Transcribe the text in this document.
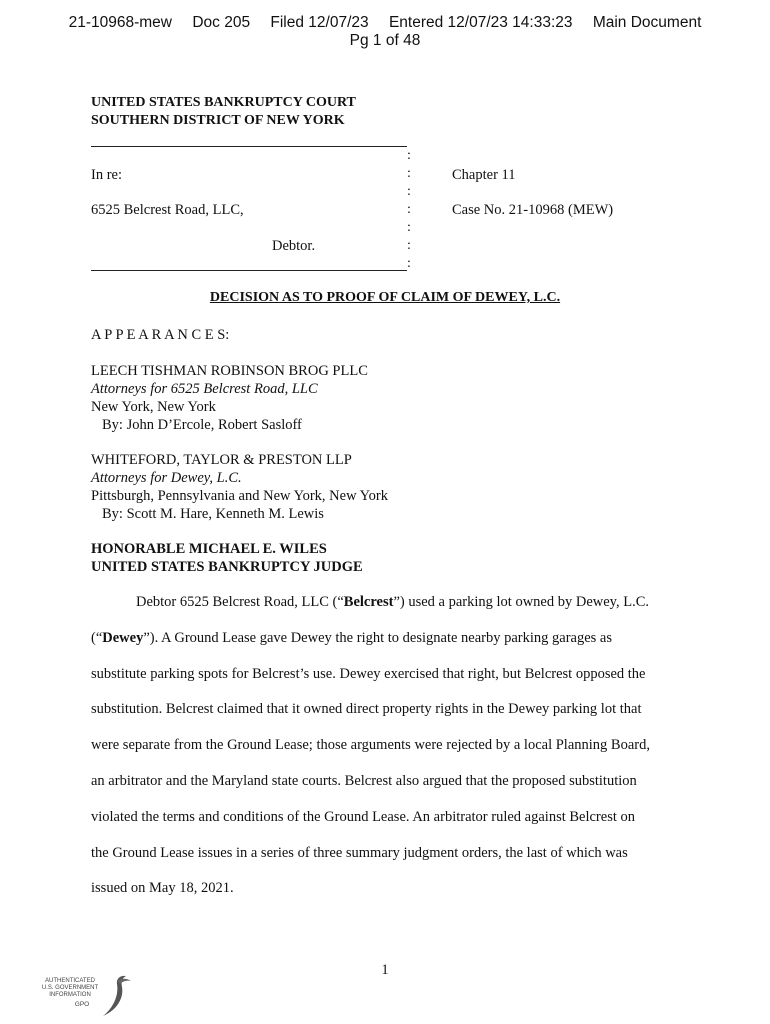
21-10968-mew Doc 205 Filed 12/07/23 Entered 12/07/23 14:33:23 Main Document
Pg 1 of 48
UNITED STATES BANKRUPTCY COURT
SOUTHERN DISTRICT OF NEW YORK
:
:
:
:
:
:
:
In re:
6525 Belcrest Road, LLC,
Debtor.
Chapter 11
Case No. 21-10968 (MEW)
DECISION AS TO PROOF OF CLAIM OF DEWEY, L.C.
A P P E A R A N C E S:
LEECH TISHMAN ROBINSON BROG PLLC
Attorneys for 6525 Belcrest Road, LLC
New York, New York
By: John D’Ercole, Robert Sasloff
WHITEFORD, TAYLOR & PRESTON LLP
Attorneys for Dewey, L.C.
Pittsburgh, Pennsylvania and New York, New York
By: Scott M. Hare, Kenneth M. Lewis
HONORABLE MICHAEL E. WILES
UNITED STATES BANKRUPTCY JUDGE
Debtor 6525 Belcrest Road, LLC (“Belcrest”) used a parking lot owned by Dewey, L.C.
(“Dewey”). A Ground Lease gave Dewey the right to designate nearby parking garages as
substitute parking spots for Belcrest’s use. Dewey exercised that right, but Belcrest opposed the
substitution. Belcrest claimed that it owned direct property rights in the Dewey parking lot that
were separate from the Ground Lease; those arguments were rejected by a local Planning Board,
an arbitrator and the Maryland state courts. Belcrest also argued that the proposed substitution
violated the terms and conditions of the Ground Lease. An arbitrator ruled against Belcrest on
the Ground Lease issues in a series of three summary judgment orders, the last of which was
issued on May 18, 2021.
1
AUTHENTICATED
U.S. GOVERNMENT
INFORMATION
GPO
